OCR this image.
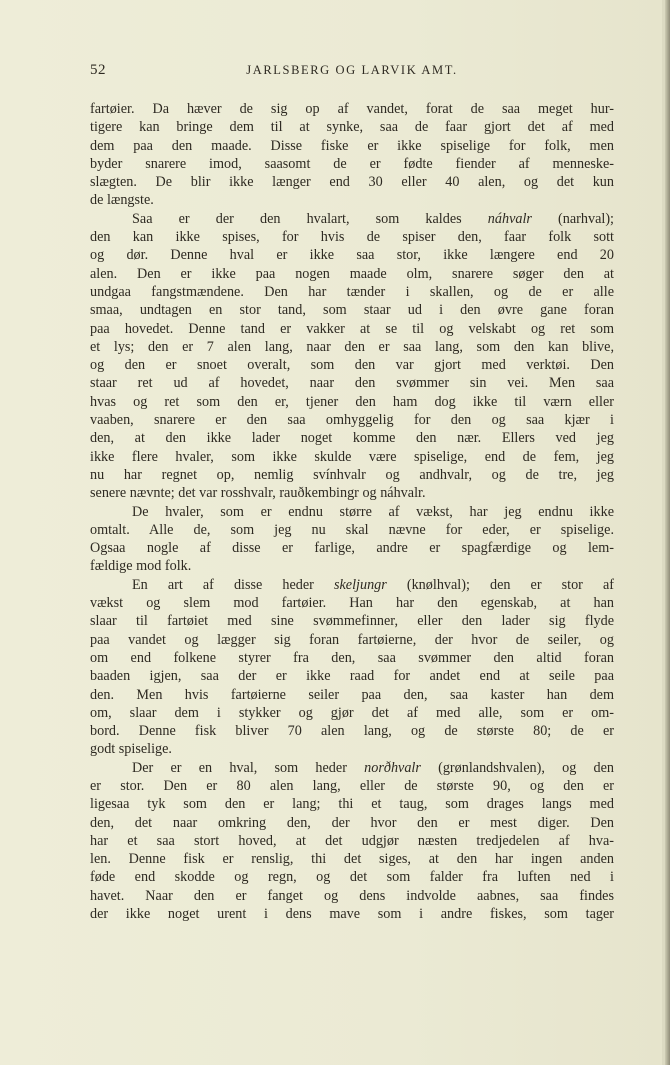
52	JARLSBERG OG LARVIK AMT.
fartøier. Da hæver de sig op af vandet, forat de saa meget hur-
tigere kan bringe dem til at synke, saa de faar gjort det af med
dem paa den maade. Disse fiske er ikke spiselige for folk, men
byder snarere imod, saasomt de er fødte fiender af menneske-
slægten. De blir ikke længer end 30 eller 40 alen, og det kun
de længste.
Saa er der den hvalart, som kaldes náhvalr (narhval);
den kan ikke spises, for hvis de spiser den, faar folk sott
og dør. Denne hval er ikke saa stor, ikke længere end 20
alen. Den er ikke paa nogen maade olm, snarere søger den at
undgaa fangstmændene. Den har tænder i skallen, og de er alle
smaa, undtagen en stor tand, som staar ud i den øvre gane foran
paa hovedet. Denne tand er vakker at se til og velskabt og ret som
et lys; den er 7 alen lang, naar den er saa lang, som den kan blive,
og den er snoet overalt, som den var gjort med verktøi. Den
staar ret ud af hovedet, naar den svømmer sin vei. Men saa
hvas og ret som den er, tjener den ham dog ikke til værn eller
vaaben, snarere er den saa omhyggelig for den og saa kjær i
den, at den ikke lader noget komme den nær. Ellers ved jeg
ikke flere hvaler, som ikke skulde være spiselige, end de fem, jeg
nu har regnet op, nemlig svínhvalr og andhvalr, og de tre, jeg
senere nævnte; det var rosshvalr, rauðkembingr og náhvalr.
De hvaler, som er endnu større af vækst, har jeg endnu ikke
omtalt. Alle de, som jeg nu skal nævne for eder, er spiselige.
Ogsaa nogle af disse er farlige, andre er spagfærdige og lem-
fældige mod folk.
En art af disse heder skeljungr (knølhval); den er stor af
vækst og slem mod fartøier. Han har den egenskab, at han
slaar til fartøiet med sine svømmefinner, eller den lader sig flyde
paa vandet og lægger sig foran fartøierne, der hvor de seiler, og
om end folkene styrer fra den, saa svømmer den altid foran
baaden igjen, saa der er ikke raad for andet end at seile paa
den. Men hvis fartøierne seiler paa den, saa kaster han dem
om, slaar dem i stykker og gjør det af med alle, som er om-
bord. Denne fisk bliver 70 alen lang, og de største 80; de er
godt spiselige.
Der er en hval, som heder norðhvalr (grønlandshvalen), og den
er stor. Den er 80 alen lang, eller de største 90, og den er
ligesaa tyk som den er lang; thi et taug, som drages langs med
den, det naar omkring den, der hvor den er mest diger. Den
har et saa stort hoved, at det udgjør næsten tredjedelen af hva-
len. Denne fisk er renslig, thi det siges, at den har ingen anden
føde end skodde og regn, og det som falder fra luften ned i
havet. Naar den er fanget og dens indvolde aabnes, saa findes
der ikke noget urent i dens mave som i andre fiskes, som tager
